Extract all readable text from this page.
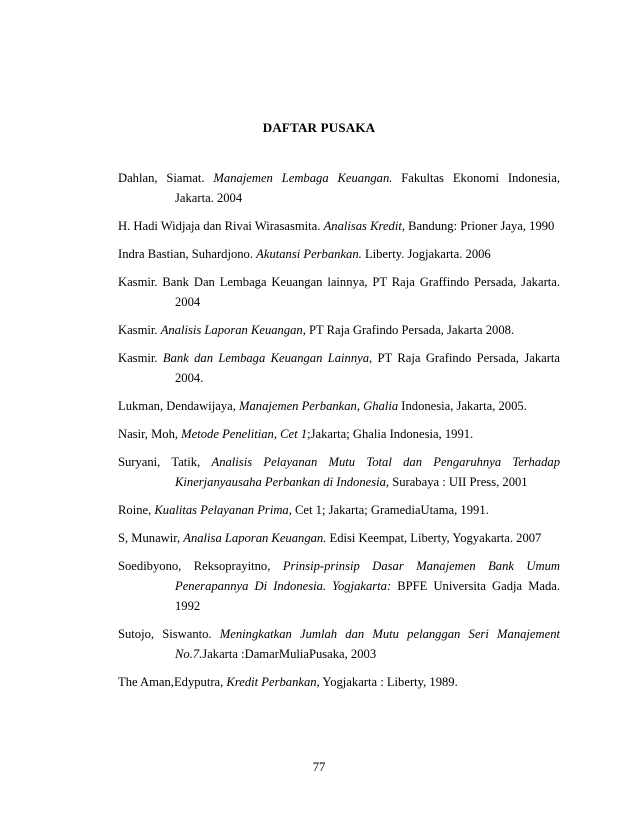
DAFTAR PUSAKA

Dahlan, Siamat. Manajemen Lembaga Keuangan. Fakultas Ekonomi Indonesia, Jakarta. 2004

H. Hadi Widjaja dan Rivai Wirasasmita. Analisas Kredit, Bandung: Prioner Jaya, 1990

Indra Bastian, Suhardjono. Akutansi Perbankan. Liberty. Jogjakarta. 2006

Kasmir. Bank Dan Lembaga Keuangan lainnya, PT Raja Graffindo Persada, Jakarta. 2004

Kasmir. Analisis Laporan Keuangan, PT Raja Grafindo Persada, Jakarta 2008.

Kasmir. Bank dan Lembaga Keuangan Lainnya, PT Raja Grafindo Persada, Jakarta 2004.

Lukman, Dendawijaya, Manajemen Perbankan, Ghalia Indonesia, Jakarta, 2005.

Nasir, Moh, Metode Penelitian, Cet 1;Jakarta; Ghalia Indonesia, 1991.

Suryani, Tatik, Analisis Pelayanan Mutu Total dan Pengaruhnya Terhadap Kinerjanyausaha Perbankan di Indonesia, Surabaya : UII Press, 2001

Roine, Kualitas Pelayanan Prima, Cet 1; Jakarta; GramediaUtama, 1991.

S, Munawir, Analisa Laporan Keuangan. Edisi Keempat, Liberty, Yogyakarta. 2007

Soedibyono, Reksoprayitno, Prinsip-prinsip Dasar Manajemen Bank Umum Penerapannya Di Indonesia. Yogjakarta: BPFE Universita Gadja Mada. 1992

Sutojo, Siswanto. Meningkatkan Jumlah dan Mutu pelanggan Seri Manajement No.7.Jakarta :DamarMuliaPusaka, 2003

The Aman,Edyputra, Kredit Perbankan, Yogjakarta : Liberty, 1989.

77
